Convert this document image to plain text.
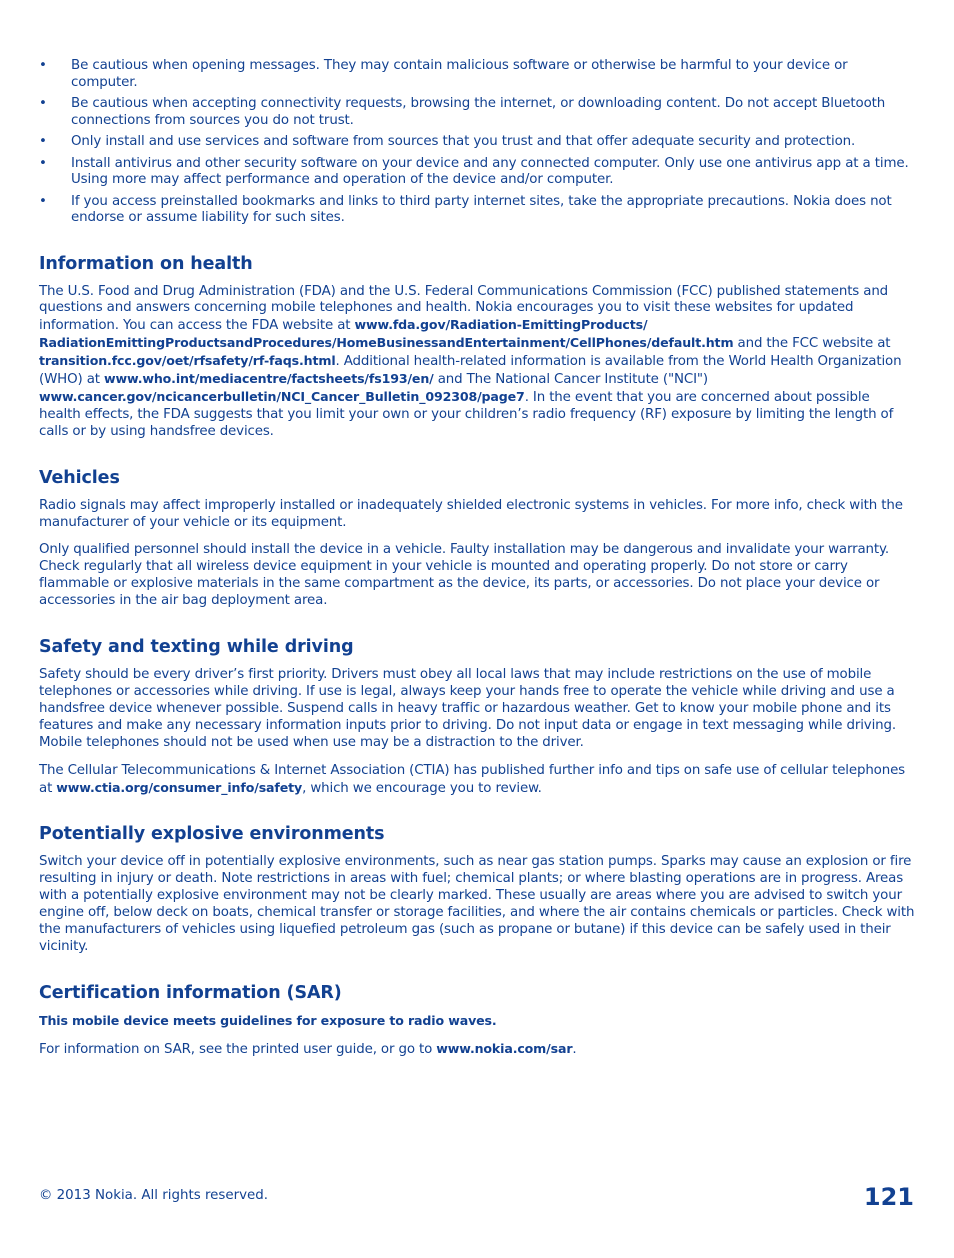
• Be cautious when opening messages. They may contain malicious software or otherwise be harmful to your device or computer.
• Be cautious when accepting connectivity requests, browsing the internet, or downloading content. Do not accept Bluetooth connections from sources you do not trust.
• Only install and use services and software from sources that you trust and that offer adequate security and protection.
• Install antivirus and other security software on your device and any connected computer. Only use one antivirus app at a time. Using more may affect performance and operation of the device and/or computer.
• If you access preinstalled bookmarks and links to third party internet sites, take the appropriate precautions. Nokia does not endorse or assume liability for such sites.
Information on health

The U.S. Food and Drug Administration (FDA) and the U.S. Federal Communications Commission (FCC) published statements and questions and answers concerning mobile telephones and health. Nokia encourages you to visit these websites for updated information. You can access the FDA website at www.fda.gov/Radiation-EmittingProducts/ RadiationEmittingProductsandProcedures/HomeBusinessandEntertainment/CellPhones/default.htm and the FCC website at transition.fcc.gov/oet/rfsafety/rf-faqs.html. Additional health-related information is available from the World Health Organization (WHO) at www.who.int/mediacentre/factsheets/fs193/en/ and The National Cancer Institute ("NCI") www.cancer.gov/ncicancerbulletin/NCI_Cancer_Bulletin_092308/page7. In the event that you are concerned about possible health effects, the FDA suggests that you limit your own or your children’s radio frequency (RF) exposure by limiting the length of calls or by using handsfree devices.

Vehicles

Radio signals may affect improperly installed or inadequately shielded electronic systems in vehicles. For more info, check with the manufacturer of your vehicle or its equipment.

Only qualified personnel should install the device in a vehicle. Faulty installation may be dangerous and invalidate your warranty. Check regularly that all wireless device equipment in your vehicle is mounted and operating properly. Do not store or carry flammable or explosive materials in the same compartment as the device, its parts, or accessories. Do not place your device or accessories in the air bag deployment area.

Safety and texting while driving

Safety should be every driver’s first priority. Drivers must obey all local laws that may include restrictions on the use of mobile telephones or accessories while driving. If use is legal, always keep your hands free to operate the vehicle while driving and use a handsfree device whenever possible. Suspend calls in heavy traffic or hazardous weather. Get to know your mobile phone and its features and make any necessary information inputs prior to driving. Do not input data or engage in text messaging while driving. Mobile telephones should not be used when use may be a distraction to the driver.

The Cellular Telecommunications & Internet Association (CTIA) has published further info and tips on safe use of cellular telephones at www.ctia.org/consumer_info/safety, which we encourage you to review.

Potentially explosive environments

Switch your device off in potentially explosive environments, such as near gas station pumps. Sparks may cause an explosion or fire resulting in injury or death. Note restrictions in areas with fuel; chemical plants; or where blasting operations are in progress. Areas with a potentially explosive environment may not be clearly marked. These usually are areas where you are advised to switch your engine off, below deck on boats, chemical transfer or storage facilities, and where the air contains chemicals or particles. Check with the manufacturers of vehicles using liquefied petroleum gas (such as propane or butane) if this device can be safely used in their vicinity.

Certification information (SAR)

This mobile device meets guidelines for exposure to radio waves.

For information on SAR, see the printed user guide, or go to www.nokia.com/sar.

© 2013 Nokia. All rights reserved.	121
